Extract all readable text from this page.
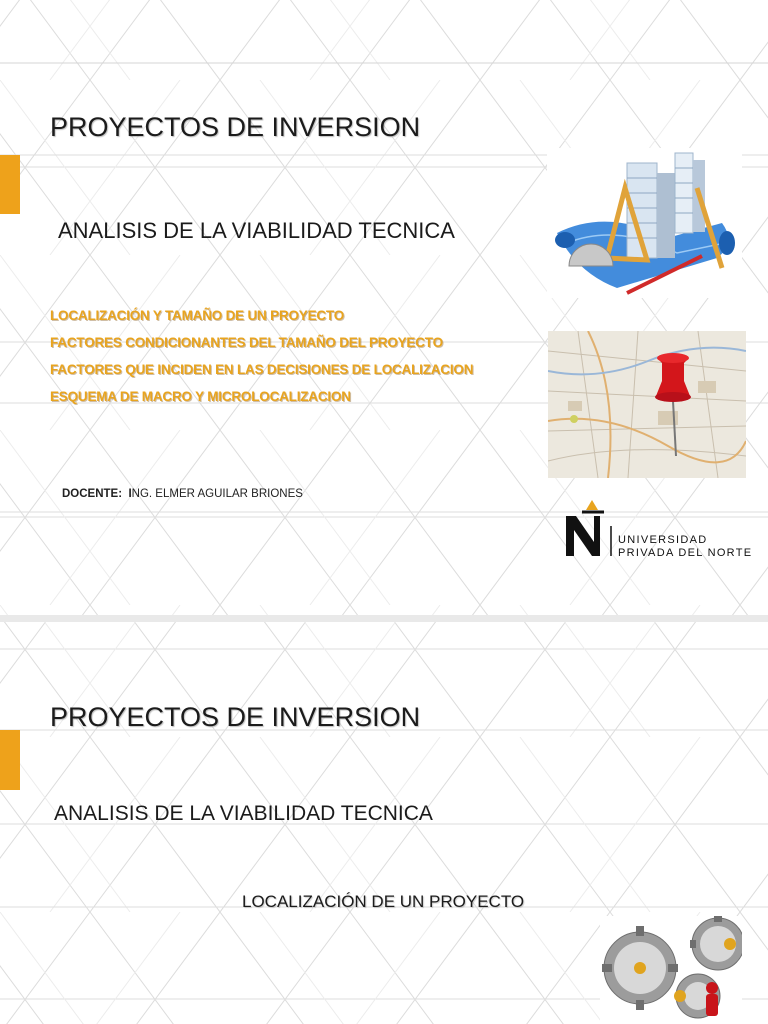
PROYECTOS DE INVERSION
ANALISIS DE LA VIABILIDAD TECNICA
LOCALIZACIÓN Y TAMAÑO DE UN PROYECTO
FACTORES CONDICIONANTES DEL TAMAÑO DEL PROYECTO
FACTORES QUE INCIDEN EN LAS DECISIONES DE LOCALIZACION
ESQUEMA DE MACRO Y MICROLOCALIZACION
DOCENTE: ING. ELMER AGUILAR BRIONES
UNIVERSIDAD
PRIVADA DEL NORTE
PROYECTOS DE INVERSION
ANALISIS DE LA VIABILIDAD TECNICA
LOCALIZACIÓN DE UN PROYECTO
